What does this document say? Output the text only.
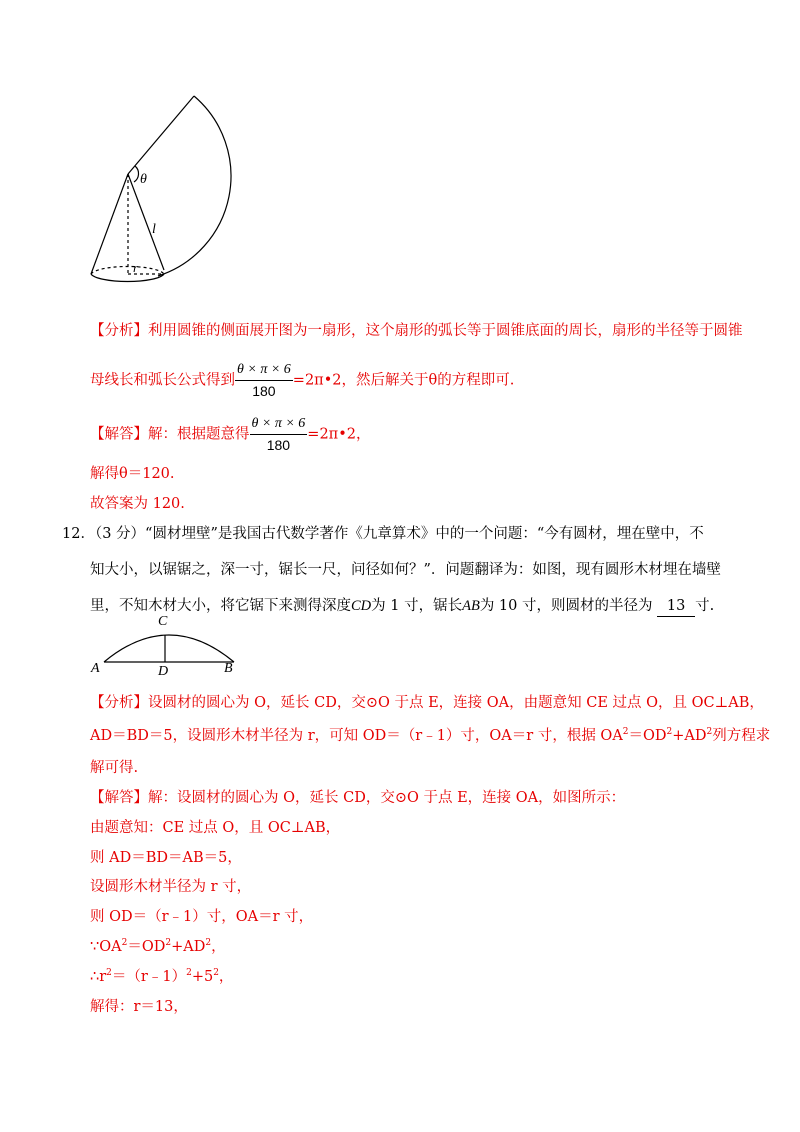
θ
l
r
【分析】利用圆锥的侧面展开图为一扇形，这个扇形的弧长等于圆锥底面的周长，扇形的半径等于圆锥
母线长和弧长公式得到 $\frac{\theta \times \pi \times 6}{180}$ =2π•2，然后解关于θ的方程即可.
【解答】解：根据题意得 $\frac{\theta \times \pi \times 6}{180}$ =2π•2，
解得θ＝120.
故答案为 120.
12．（3 分）“圆材埋壁”是我国古代数学著作《九章算术》中的一个问题：“今有圆材，埋在壁中，不
知大小，以锯锯之，深一寸，锯长一尺，问径如何？”．问题翻译为：如图，现有圆形木材埋在墙壁
里，不知木材大小，将它锯下来测得深度CD为 1 寸，锯长AB为 10 寸，则圆材的半径为 13 寸.
A	B
C
D
【分析】设圆材的圆心为 O，延长 CD，交⊙O 于点 E，连接 OA，由题意知 CE 过点 O，且 OC⊥AB，
AD＝BD＝5，设圆形木材半径为 r，可知 OD＝（r﹣1）寸，OA＝r 寸，根据 $OA^2=OD^2+AD^2$列方程求
解可得.
【解答】解：设圆材的圆心为 O，延长 CD，交⊙O 于点 E，连接 OA，如图所示：
由题意知：CE 过点 O，且 OC⊥AB，
则 AD＝BD＝AB＝5，
设圆形木材半径为 r 寸，
则 OD＝（r﹣1）寸，OA＝r 寸，
$\because OA^2=OD^2+AD^2$，
$\therefore r^2=(r﹣1)^2+5^2$，
解得：r＝13，
